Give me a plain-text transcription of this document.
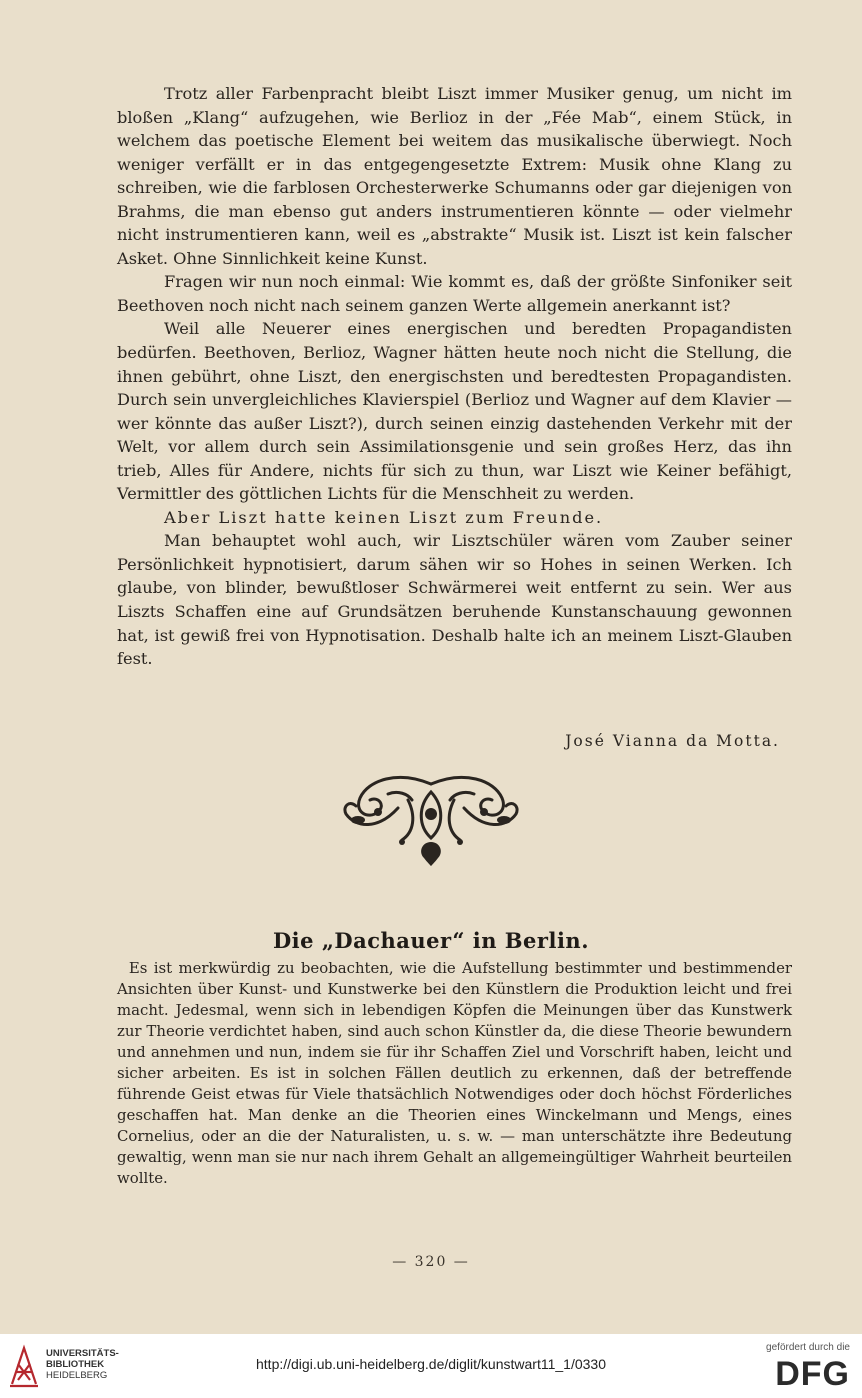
Trotz aller Farbenpracht bleibt Liszt immer Musiker genug, um nicht im bloßen „Klang“ aufzugehen, wie Berlioz in der „Fée Mab“, einem Stück, in welchem das poetische Element bei weitem das musikalische überwiegt. Noch weniger verfällt er in das entgegengesetzte Extrem: Musik ohne Klang zu schreiben, wie die farblosen Orchesterwerke Schumanns oder gar diejenigen von Brahms, die man ebenso gut anders instrumentieren könnte — oder vielmehr nicht instrumentieren kann, weil es „abstrakte“ Musik ist. Liszt ist kein falscher Asket. Ohne Sinnlichkeit keine Kunst.

Fragen wir nun noch einmal: Wie kommt es, daß der größte Sinfoniker seit Beethoven noch nicht nach seinem ganzen Werte allgemein anerkannt ist?

Weil alle Neuerer eines energischen und beredten Propagandisten bedürfen. Beethoven, Berlioz, Wagner hätten heute noch nicht die Stellung, die ihnen gebührt, ohne Liszt, den energischsten und beredtesten Propagandisten. Durch sein unvergleichliches Klavierspiel (Berlioz und Wagner auf dem Klavier — wer könnte das außer Liszt?), durch seinen einzig dastehenden Verkehr mit der Welt, vor allem durch sein Assimilationsgenie und sein großes Herz, das ihn trieb, Alles für Andere, nichts für sich zu thun, war Liszt wie Keiner befähigt, Vermittler des göttlichen Lichts für die Menschheit zu werden.

Aber Liszt hatte keinen Liszt zum Freunde.

Man behauptet wohl auch, wir Lisztschüler wären vom Zauber seiner Persönlichkeit hypnotisiert, darum sähen wir so Hohes in seinen Werken. Ich glaube, von blinder, bewußtloser Schwärmerei weit entfernt zu sein. Wer aus Liszts Schaffen eine auf Grundsätzen beruhende Kunstanschauung gewonnen hat, ist gewiß frei von Hypnotisation. Deshalb halte ich an meinem Liszt-Glauben fest.

José Vianna da Motta.
Die „Dachauer“ in Berlin.

Es ist merkwürdig zu beobachten, wie die Aufstellung bestimmter und bestimmender Ansichten über Kunst- und Kunstwerke bei den Künstlern die Produktion leicht und frei macht. Jedesmal, wenn sich in lebendigen Köpfen die Meinungen über das Kunstwerk zur Theorie verdichtet haben, sind auch schon Künstler da, die diese Theorie bewundern und annehmen und nun, indem sie für ihr Schaffen Ziel und Vorschrift haben, leicht und sicher arbeiten. Es ist in solchen Fällen deutlich zu erkennen, daß der betreffende führende Geist etwas für Viele thatsächlich Notwendiges oder doch höchst Förderliches geschaffen hat. Man denke an die Theorien eines Winckelmann und Mengs, eines Cornelius, oder an die der Naturalisten, u. s. w. — man unterschätzte ihre Bedeutung gewaltig, wenn man sie nur nach ihrem Gehalt an allgemeingültiger Wahrheit beurteilen wollte.

— 320 —
UNIVERSITÄTS-
BIBLIOTHEK
HEIDELBERG
http://digi.ub.uni-heidelberg.de/diglit/kunstwart11_1/0330
gefördert durch die
DFG
